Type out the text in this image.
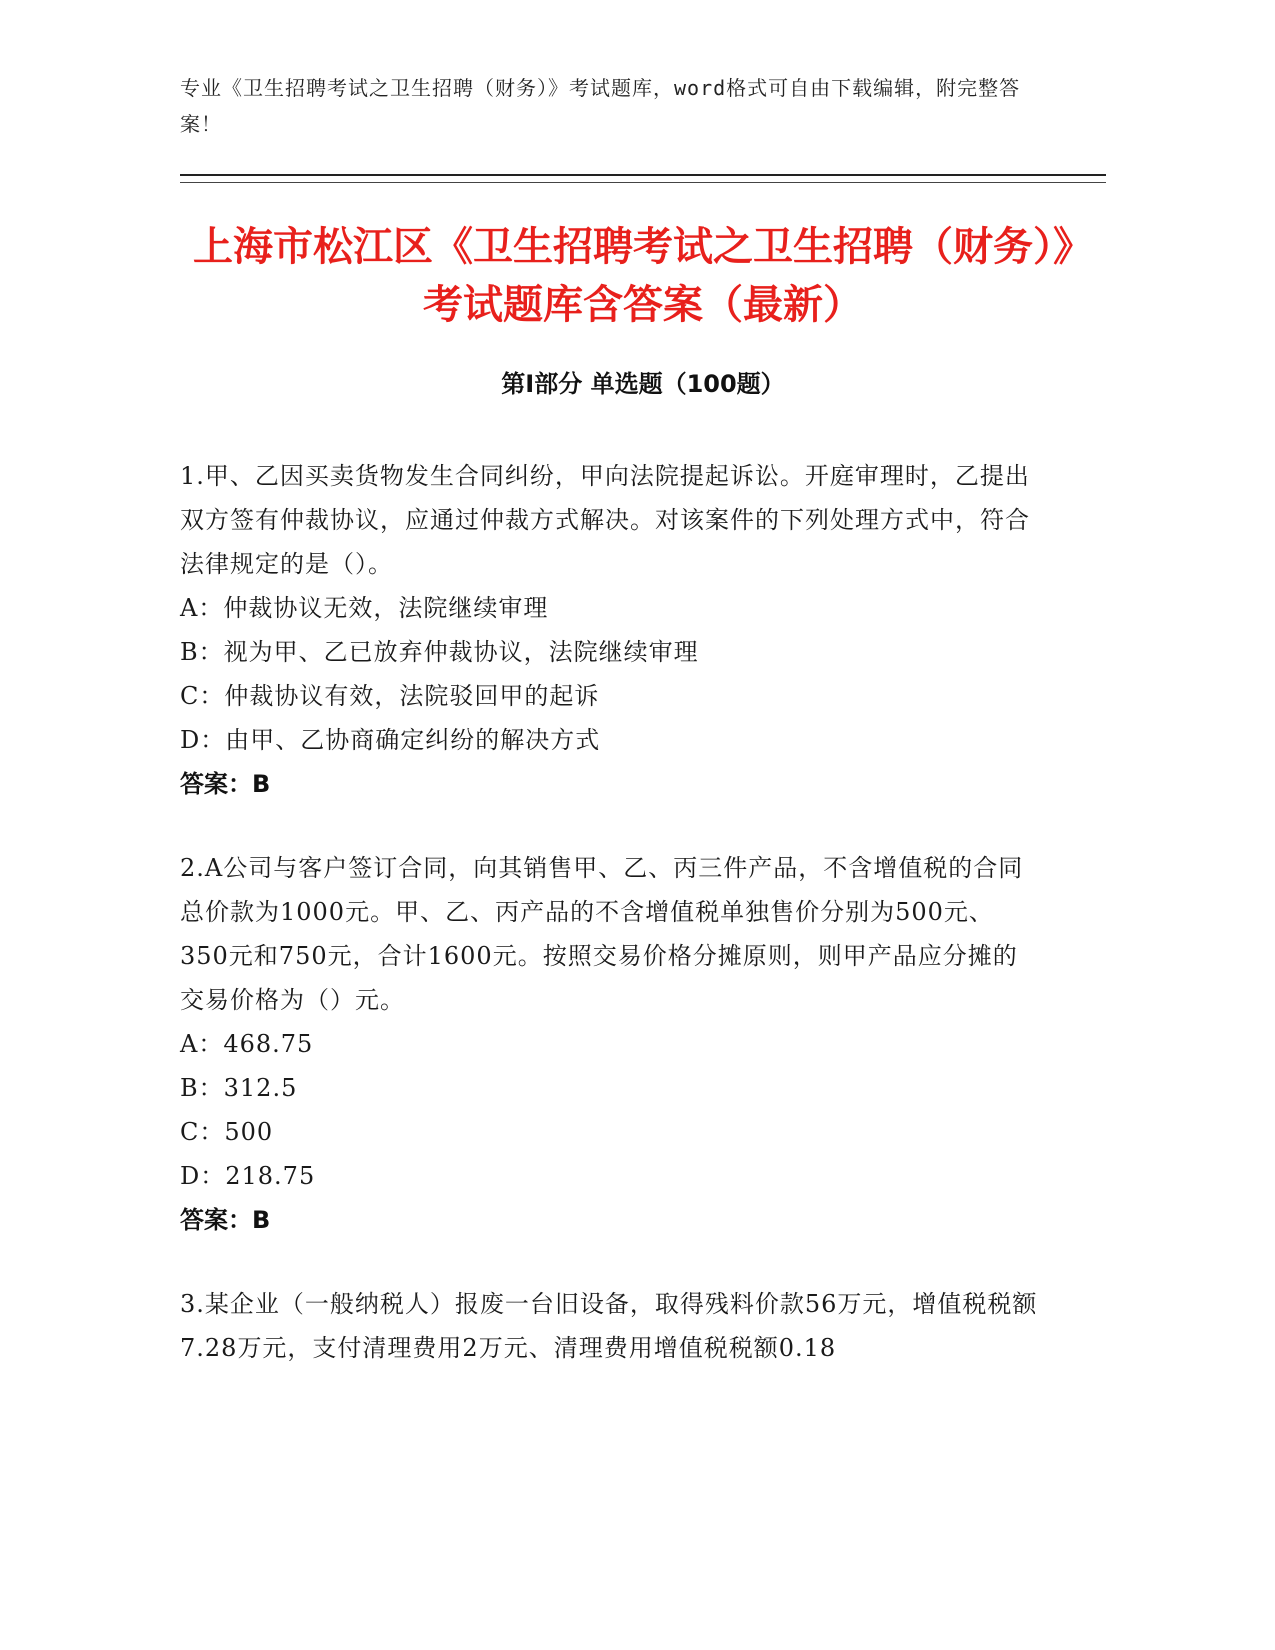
专业《卫生招聘考试之卫生招聘（财务）》考试题库，word格式可自由下载编辑，附完整答案！
上海市松江区《卫生招聘考试之卫生招聘（财务）》考试题库含答案（最新）
第Ⅰ部分 单选题（100题）

1.甲、乙因买卖货物发生合同纠纷，甲向法院提起诉讼。开庭审理时，乙提出双方签有仲裁协议，应通过仲裁方式解决。对该案件的下列处理方式中，符合法律规定的是（）。

A：仲裁协议无效，法院继续审理

B：视为甲、乙已放弃仲裁协议，法院继续审理

C：仲裁协议有效，法院驳回甲的起诉

D：由甲、乙协商确定纠纷的解决方式

答案：B

2.A公司与客户签订合同，向其销售甲、乙、丙三件产品，不含增值税的合同总价款为1000元。甲、乙、丙产品的不含增值税单独售价分别为500元、350元和750元，合计1600元。按照交易价格分摊原则，则甲产品应分摊的交易价格为（）元。

A：468.75

B：312.5

C：500

D：218.75

答案：B

3.某企业（一般纳税人）报废一台旧设备，取得残料价款56万元，增值税税额7.28万元，支付清理费用2万元、清理费用增值税税额0.18
